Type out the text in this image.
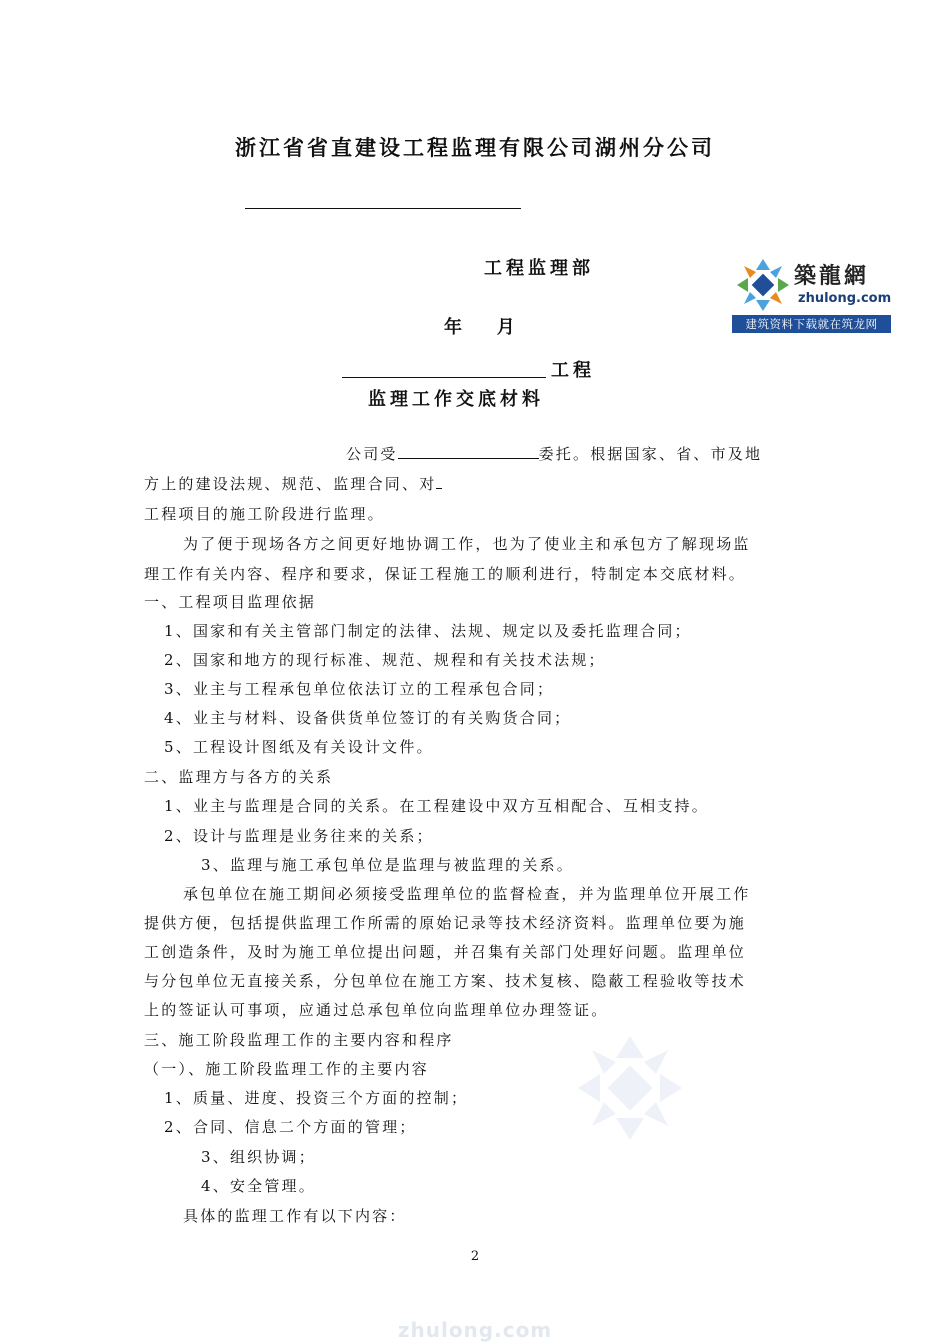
浙江省省直建设工程监理有限公司湖州分公司
工程监理部
年   月
築龍網
zhulong.com
建筑资料下载就在筑龙网
工程
监理工作交底材料
公司受	委托。根据国家、省、市及地
方上的建设法规、规范、监理合同、对
工程项目的施工阶段进行监理。
为了便于现场各方之间更好地协调工作，也为了使业主和承包方了解现场监
理工作有关内容、程序和要求，保证工程施工的顺利进行，特制定本交底材料。
一、工程项目监理依据
1、国家和有关主管部门制定的法律、法规、规定以及委托监理合同；
2、国家和地方的现行标准、规范、规程和有关技术法规；
3、业主与工程承包单位依法订立的工程承包合同；
4、业主与材料、设备供货单位签订的有关购货合同；
5、工程设计图纸及有关设计文件。
二、监理方与各方的关系
1、业主与监理是合同的关系。在工程建设中双方互相配合、互相支持。
2、设计与监理是业务往来的关系；
3、监理与施工承包单位是监理与被监理的关系。
承包单位在施工期间必须接受监理单位的监督检查，并为监理单位开展工作
提供方便，包括提供监理工作所需的原始记录等技术经济资料。监理单位要为施
工创造条件，及时为施工单位提出问题，并召集有关部门处理好问题。监理单位
与分包单位无直接关系，分包单位在施工方案、技术复核、隐蔽工程验收等技术
上的签证认可事项，应通过总承包单位向监理单位办理签证。
三、施工阶段监理工作的主要内容和程序
（一）、施工阶段监理工作的主要内容
1、质量、进度、投资三个方面的控制；
2、合同、信息二个方面的管理；
3、组织协调；
4、安全管理。
具体的监理工作有以下内容：
2
zhulong.com
